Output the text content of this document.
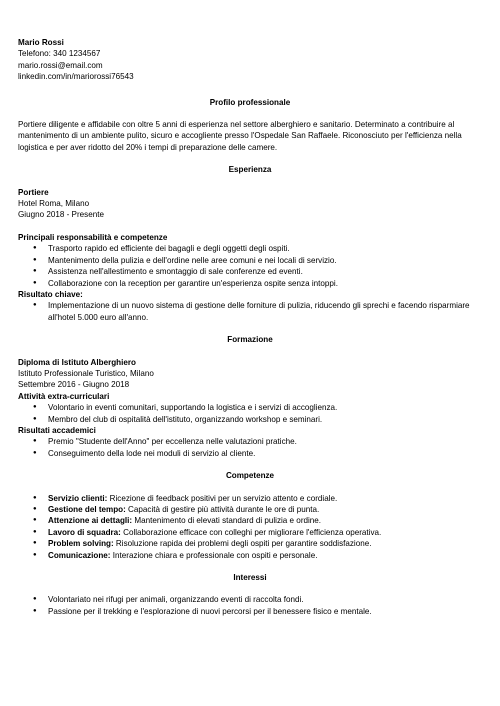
Mario Rossi

Telefono: 340 1234567

mario.rossi@email.com

linkedin.com/in/mariorossi76543

Profilo professionale

Portiere diligente e affidabile con oltre 5 anni di esperienza nel settore alberghiero e sanitario. Determinato a contribuire al mantenimento di un ambiente pulito, sicuro e accogliente presso l'Ospedale San Raffaele. Riconosciuto per l'efficienza nella logistica e per aver ridotto del 20% i tempi di preparazione delle camere.

Esperienza

Portiere

Hotel Roma, Milano

Giugno 2018 - Presente

Principali responsabilità e competenze

● Trasporto rapido ed efficiente dei bagagli e degli oggetti degli ospiti.
● Mantenimento della pulizia e dell'ordine nelle aree comuni e nei locali di servizio.
● Assistenza nell'allestimento e smontaggio di sale conferenze ed eventi.
● Collaborazione con la reception per garantire un'esperienza ospite senza intoppi.

Risultato chiave:

● Implementazione di un nuovo sistema di gestione delle forniture di pulizia, riducendo gli sprechi e facendo risparmiare all'hotel 5.000 euro all'anno.

Formazione

Diploma di Istituto Alberghiero

Istituto Professionale Turistico, Milano

Settembre 2016 - Giugno 2018

Attività extra-curriculari

● Volontario in eventi comunitari, supportando la logistica e i servizi di accoglienza.
● Membro del club di ospitalità dell'istituto, organizzando workshop e seminari.

Risultati accademici

● Premio "Studente dell'Anno" per eccellenza nelle valutazioni pratiche.
● Conseguimento della lode nei moduli di servizio al cliente.

Competenze

● Servizio clienti: Ricezione di feedback positivi per un servizio attento e cordiale.
● Gestione del tempo: Capacità di gestire più attività durante le ore di punta.
● Attenzione ai dettagli: Mantenimento di elevati standard di pulizia e ordine.
● Lavoro di squadra: Collaborazione efficace con colleghi per migliorare l'efficienza operativa.
● Problem solving: Risoluzione rapida dei problemi degli ospiti per garantire soddisfazione.
● Comunicazione: Interazione chiara e professionale con ospiti e personale.

Interessi

● Volontariato nei rifugi per animali, organizzando eventi di raccolta fondi.
● Passione per il trekking e l'esplorazione di nuovi percorsi per il benessere fisico e mentale.
